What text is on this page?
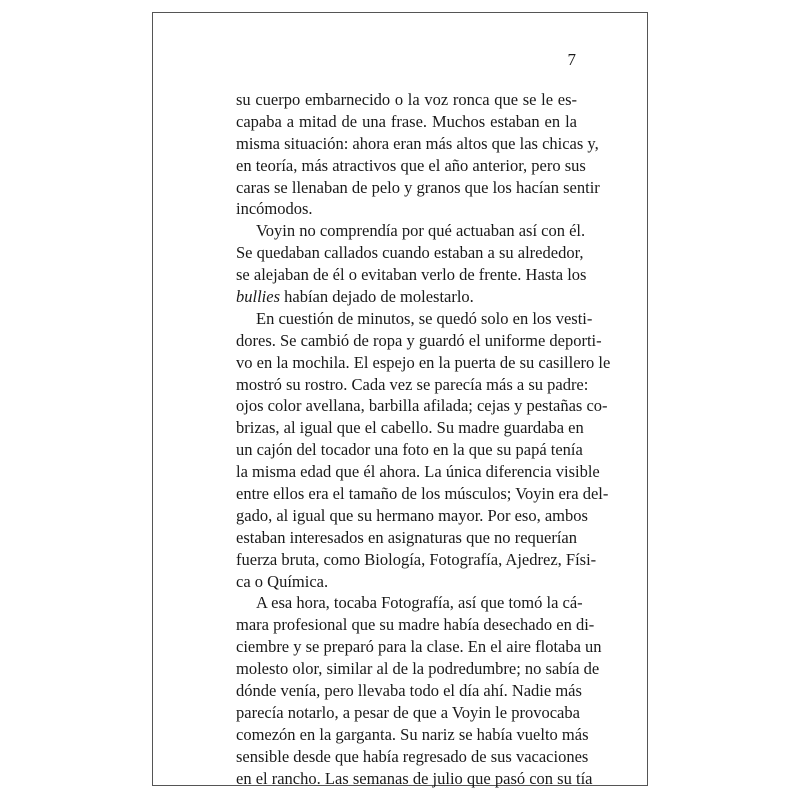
7
su cuerpo embarnecido o la voz ronca que se le es-
capaba a mitad de una frase. Muchos estaban en la
misma situación: ahora eran más altos que las chicas y,
en teoría, más atractivos que el año anterior, pero sus
caras se llenaban de pelo y granos que los hacían sentir
incómodos.
Voyin no comprendía por qué actuaban así con él.
Se quedaban callados cuando estaban a su alrededor,
se alejaban de él o evitaban verlo de frente. Hasta los
bullies habían dejado de molestarlo.
En cuestión de minutos, se quedó solo en los vesti-
dores. Se cambió de ropa y guardó el uniforme deporti-
vo en la mochila. El espejo en la puerta de su casillero le
mostró su rostro. Cada vez se parecía más a su padre:
ojos color avellana, barbilla afilada; cejas y pestañas co-
brizas, al igual que el cabello. Su madre guardaba en
un cajón del tocador una foto en la que su papá tenía
la misma edad que él ahora. La única diferencia visible
entre ellos era el tamaño de los músculos; Voyin era del-
gado, al igual que su hermano mayor. Por eso, ambos
estaban interesados en asignaturas que no requerían
fuerza bruta, como Biología, Fotografía, Ajedrez, Físi-
ca o Química.
A esa hora, tocaba Fotografía, así que tomó la cá-
mara profesional que su madre había desechado en di-
ciembre y se preparó para la clase. En el aire flotaba un
molesto olor, similar al de la podredumbre; no sabía de
dónde venía, pero llevaba todo el día ahí. Nadie más
parecía notarlo, a pesar de que a Voyin le provocaba
comezón en la garganta. Su nariz se había vuelto más
sensible desde que había regresado de sus vacaciones
en el rancho. Las semanas de julio que pasó con su tía
